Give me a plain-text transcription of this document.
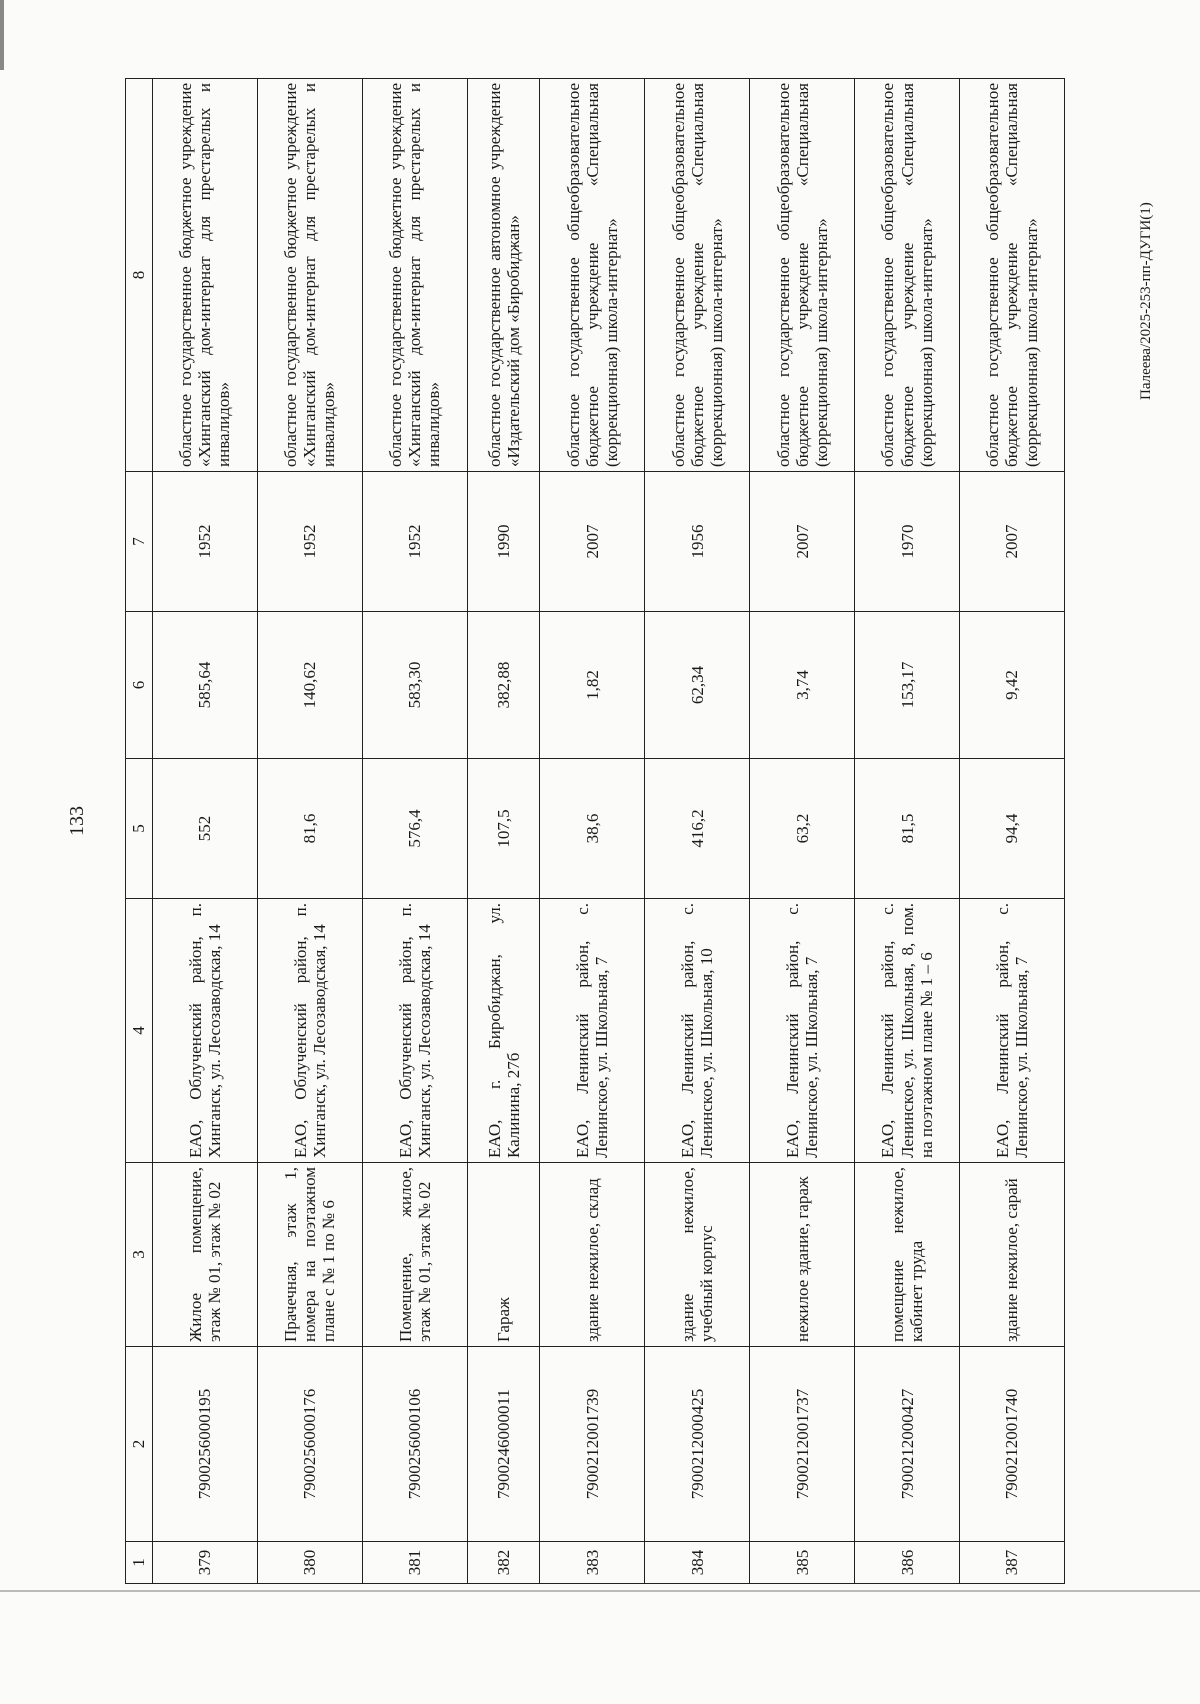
133
1	2	3	4	5	6	7	8
379	7900256000195	Жилое помещение, этаж № 01, этаж № 02	ЕАО, Облученский район, п. Хинганск, ул. Лесозаводская, 14	552	585,64	1952	областное государственное бюджетное учреждение «Хинганский дом-интернат для престарелых и инвалидов»
380	7900256000176	Прачечная, этаж 1, номера на поэтажном плане с № 1 по № 6	ЕАО, Облученский район, п. Хинганск, ул. Лесозаводская, 14	81,6	140,62	1952	областное государственное бюджетное учреждение «Хинганский дом-интернат для престарелых и инвалидов»
381	7900256000106	Помещение, жилое, этаж № 01, этаж № 02	ЕАО, Облученский район, п. Хинганск, ул. Лесозаводская, 14	576,4	583,30	1952	областное государственное бюджетное учреждение «Хинганский дом-интернат для престарелых и инвалидов»
382	7900246000011	Гараж	ЕАО, г. Биробиджан, ул. Калинина, 27б	107,5	382,88	1990	областное государственное автономное учреждение «Издательский дом «Биробиджан»
383	7900212001739	здание нежилое, склад	ЕАО, Ленинский район, с. Ленинское, ул. Школьная, 7	38,6	1,82	2007	областное государственное общеобразовательное бюджетное учреждение «Специальная (коррекционная) школа-интернат»
384	7900212000425	здание нежилое, учебный корпус	ЕАО, Ленинский район, с. Ленинское, ул. Школьная, 10	416,2	62,34	1956	областное государственное общеобразовательное бюджетное учреждение «Специальная (коррекционная) школа-интернат»
385	7900212001737	нежилое здание, гараж	ЕАО, Ленинский район, с. Ленинское, ул. Школьная, 7	63,2	3,74	2007	областное государственное общеобразовательное бюджетное учреждение «Специальная (коррекционная) школа-интернат»
386	7900212000427	помещение нежилое, кабинет труда	ЕАО, Ленинский район, с. Ленинское, ул. Школьная, 8, пом. на поэтажном плане № 1 – 6	81,5	153,17	1970	областное государственное общеобразовательное бюджетное учреждение «Специальная (коррекционная) школа-интернат»
387	7900212001740	здание нежилое, сарай	ЕАО, Ленинский район, с. Ленинское, ул. Школьная, 7	94,4	9,42	2007	областное государственное общеобразовательное бюджетное учреждение «Специальная (коррекционная) школа-интернат»	Палеева/2025-253-пп-ДУГИ(1)
